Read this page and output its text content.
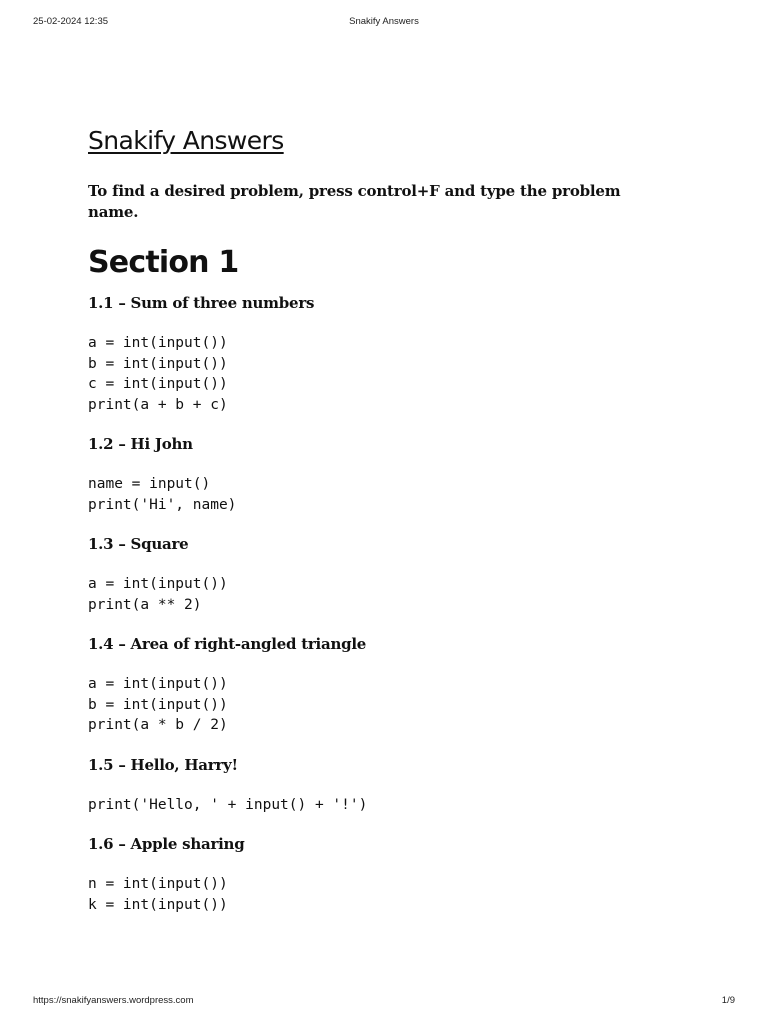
25-02-2024 12:35	Snakify Answers
Snakify Answers

To find a desired problem, press control+F and type the problem name.

Section 1
1.1 – Sum of three numbers
a = int(input())
b = int(input())
c = int(input())
print(a + b + c)
1.2 – Hi John
name = input()
print('Hi', name)
1.3 – Square
a = int(input())
print(a ** 2)
1.4 – Area of right-angled triangle
a = int(input())
b = int(input())
print(a * b / 2)
1.5 – Hello, Harry!
print('Hello, ' + input() + '!')
1.6 – Apple sharing
n = int(input())
k = int(input())
https://snakifyanswers.wordpress.com	1/9
